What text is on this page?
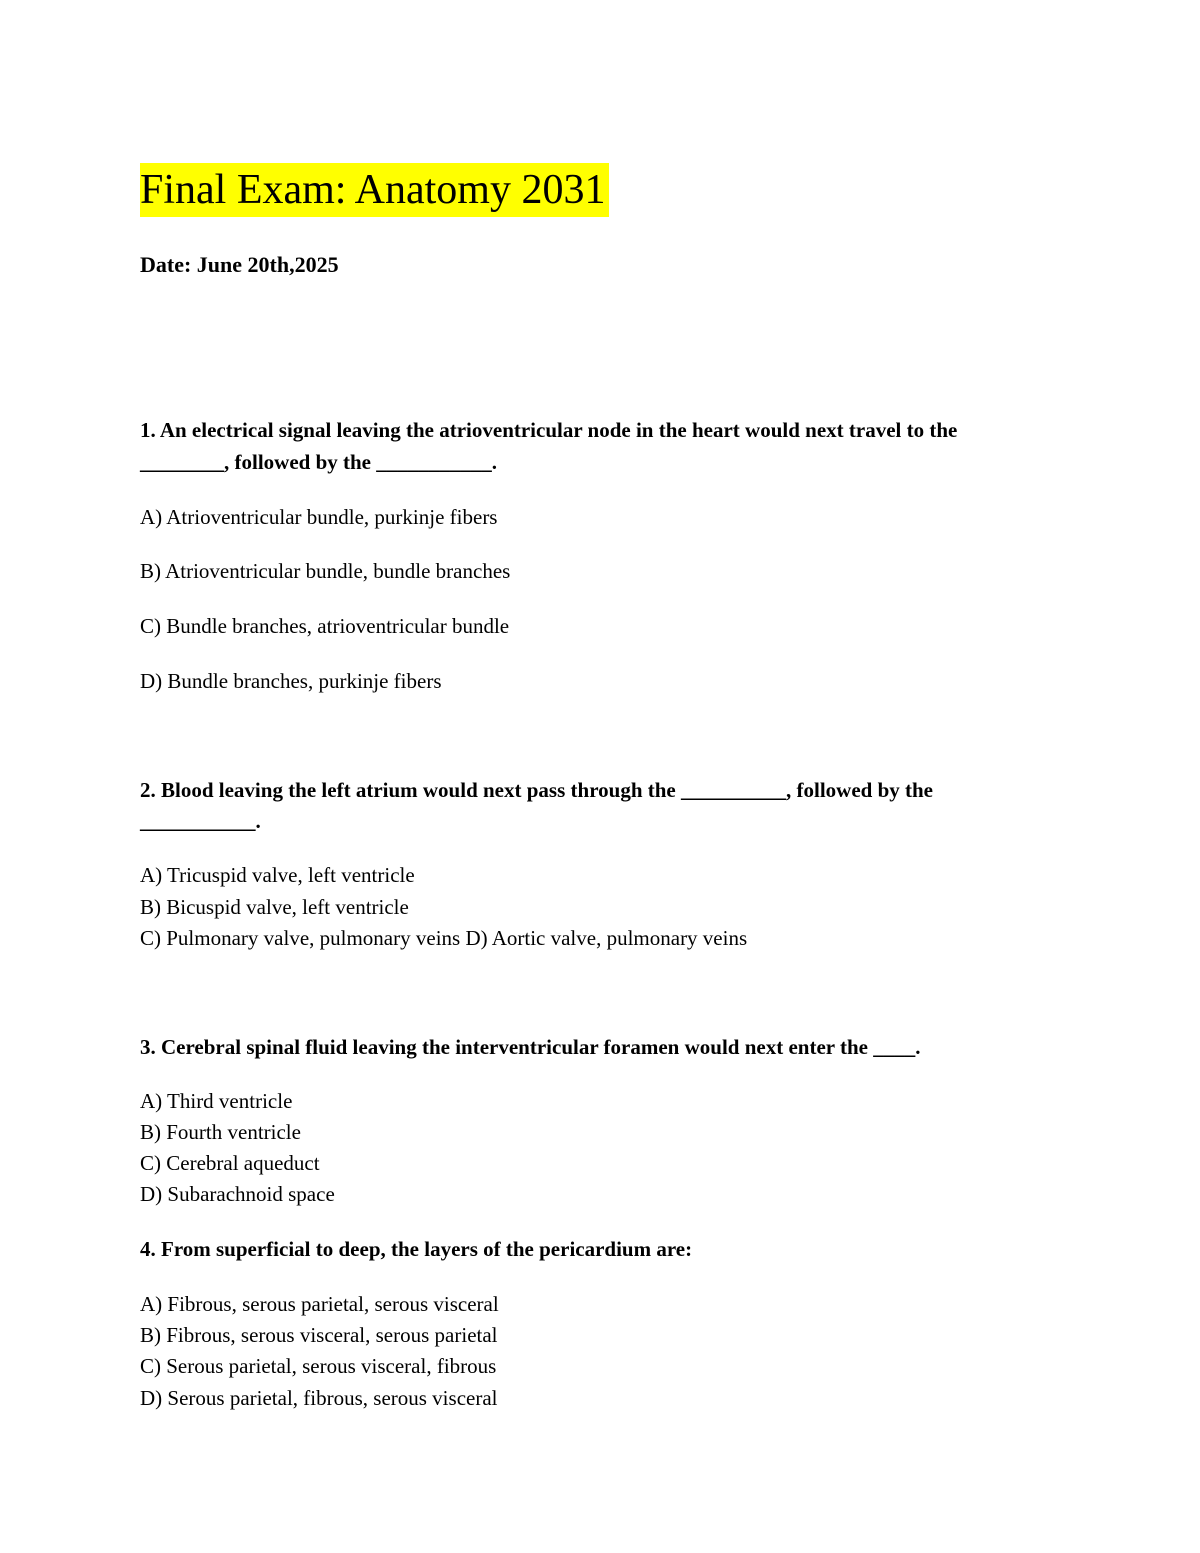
Final Exam: Anatomy 2031
Date: June 20th,2025
1. An electrical signal leaving the atrioventricular node in the heart would next travel to the
________, followed by the ___________.
A) Atrioventricular bundle, purkinje fibers
B) Atrioventricular bundle, bundle branches
C) Bundle branches, atrioventricular bundle
D) Bundle branches, purkinje fibers
2. Blood leaving the left atrium would next pass through the __________, followed by the
___________.
A) Tricuspid valve, left ventricle
B) Bicuspid valve, left ventricle
C) Pulmonary valve, pulmonary veins D) Aortic valve, pulmonary veins
3. Cerebral spinal fluid leaving the interventricular foramen would next enter the ____.
A) Third ventricle
B) Fourth ventricle
C) Cerebral aqueduct
D) Subarachnoid space
4. From superficial to deep, the layers of the pericardium are:
A) Fibrous, serous parietal, serous visceral
B) Fibrous, serous visceral, serous parietal
C) Serous parietal, serous visceral, fibrous
D) Serous parietal, fibrous, serous visceral
